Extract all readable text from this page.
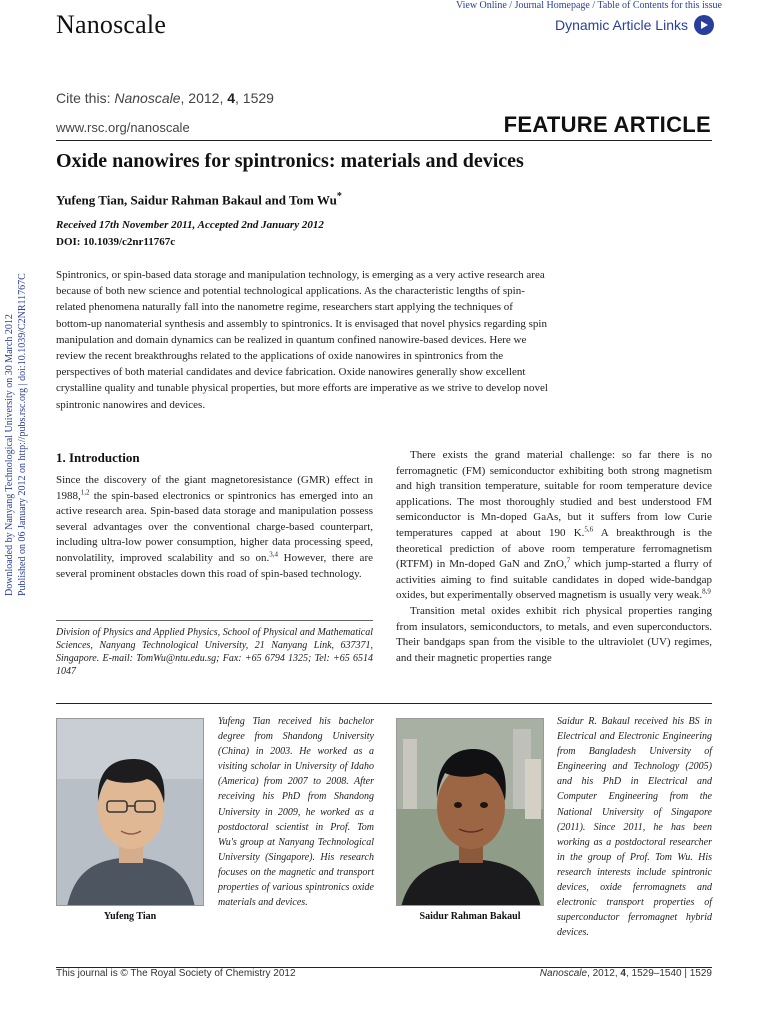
Nanoscale
View Online / Journal Homepage / Table of Contents for this issue
Dynamic Article Links
Cite this: Nanoscale, 2012, 4, 1529
www.rsc.org/nanoscale	FEATURE ARTICLE
Oxide nanowires for spintronics: materials and devices
Yufeng Tian, Saidur Rahman Bakaul and Tom Wu*
Received 17th November 2011, Accepted 2nd January 2012
DOI: 10.1039/c2nr11767c
Spintronics, or spin-based data storage and manipulation technology, is emerging as a very active research area because of both new science and potential technological applications. As the characteristic lengths of spin-related phenomena naturally fall into the nanometre regime, researchers start applying the techniques of bottom-up nanomaterial synthesis and assembly to spintronics. It is envisaged that novel physics regarding spin manipulation and domain dynamics can be realized in quantum confined nanowire-based devices. Here we review the recent breakthroughs related to the applications of oxide nanowires in spintronics from the perspectives of both material candidates and device fabrication. Oxide nanowires generally show excellent crystalline quality and tunable physical properties, but more efforts are imperative as we strive to develop novel spintronic nanowires and devices.
Downloaded by Nanyang Technological University on 30 March 2012 Published on 06 January 2012 on http://pubs.rsc.org | doi:10.1039/C2NR11767C 1. Introduction

Since the discovery of the giant magnetoresistance (GMR) effect in 1988,$^{1,2}$ the spin-based electronics or spintronics has emerged into an active research area. Spin-based data storage and manipulation possess several advantages over the conventional charge-based counterpart, including ultra-low power consumption, higher data processing speed, nonvolatility, improved scalability and so on.$^{3,4}$ However, there are several prominent obstacles down this road of spin-based technology.

There exists the grand material challenge: so far there is no ferromagnetic (FM) semiconductor exhibiting both strong magnetism and high transition temperature, suitable for room temperature device applications. The most thoroughly studied and best understood FM semiconductor is Mn-doped GaAs, but it suffers from low Curie temperatures capped at about 190 K.$^{5,6}$ A breakthrough is the theoretical prediction of above room temperature ferromagnetism (RTFM) in Mn-doped GaN and ZnO,$^7$ which jump-started a flurry of activities aiming to find suitable candidates in doped wide-bandgap oxides, but experimentally observed magnetism is usually very weak.$^{8,9}$

Transition metal oxides exhibit rich physical properties ranging from insulators, semiconductors, to metals, and even superconductors. Their bandgaps span from the visible to the ultraviolet (UV) regimes, and their magnetic properties range

Division of Physics and Applied Physics, School of Physical and Mathematical Sciences, Nanyang Technological University, 21 Nanyang Link, 637371, Singapore. E-mail: TomWu@ntu.edu.sg; Fax: +65 6794 1325; Tel: +65 6514 1047
Yufeng Tian
Yufeng Tian received his bachelor degree from Shandong University (China) in 2003. He worked as a visiting scholar in University of Idaho (America) from 2007 to 2008. After receiving his PhD from Shandong University in 2009, he worked as a postdoctoral scientist in Prof. Tom Wu's group at Nanyang Technological University (Singapore). His research focuses on the magnetic and transport properties of various spintronics oxide materials and devices.
Saidur Rahman Bakaul
Saidur R. Bakaul received his BS in Electrical and Electronic Engineering from Bangladesh University of Engineering and Technology (2005) and his PhD in Electrical and Computer Engineering from the National University of Singapore (2011). Since 2011, he has been working as a postdoctoral researcher in the group of Prof. Tom Wu. His research interests include spintronic devices, oxide ferromagnets and electronic transport properties of superconductor ferromagnet hybrid devices.
This journal is © The Royal Society of Chemistry 2012	Nanoscale, 2012, 4, 1529–1540 | 1529
